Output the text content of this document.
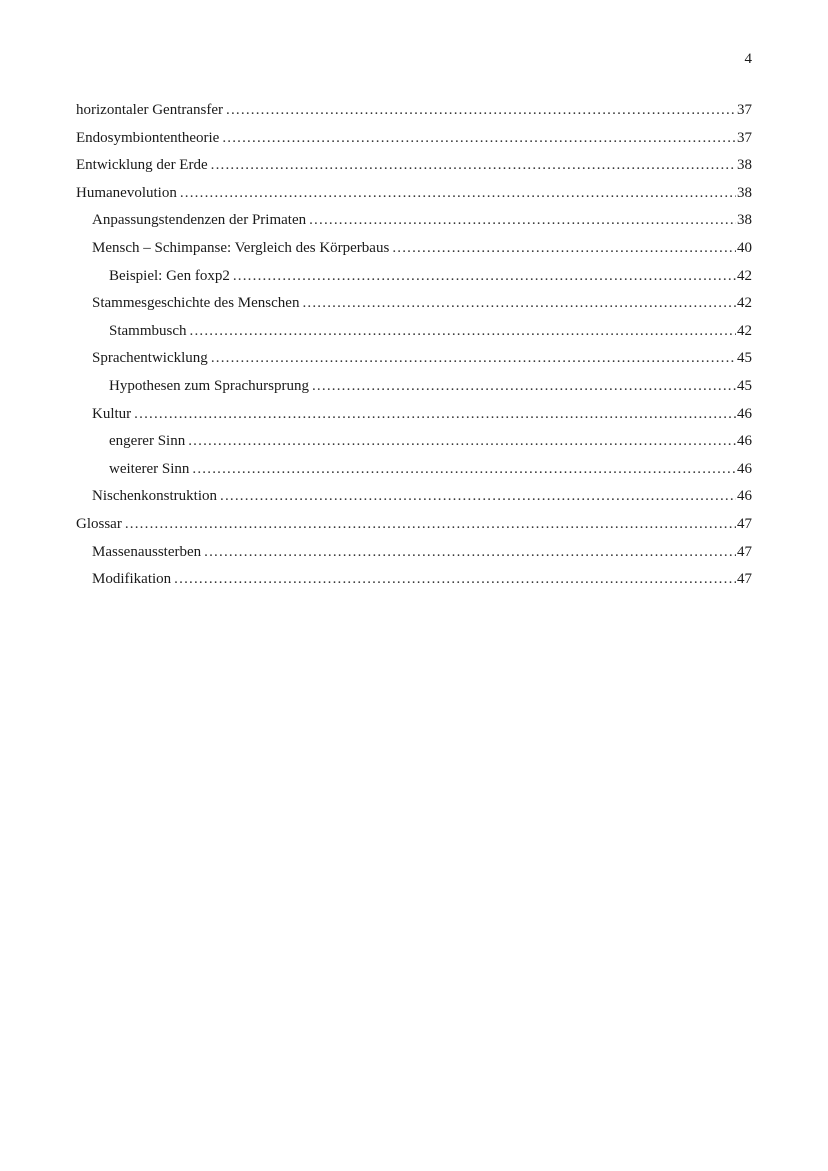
4
horizontaler Gentransfer .....	37
Endosymbiontentheorie .....	37
Entwicklung der Erde .....	38
Humanevolution .....	38
Anpassungstendenzen der Primaten .....	38
Mensch – Schimpanse: Vergleich des Körperbaus .....	40
Beispiel: Gen foxp2 .....	42
Stammesgeschichte des Menschen .....	42
Stammbusch .....	42
Sprachentwicklung .....	45
Hypothesen zum Sprachursprung .....	45
Kultur .....	46
engerer Sinn .....	46
weiterer Sinn .....	46
Nischenkonstruktion .....	46
Glossar .....	47
Massenaussterben .....	47
Modifikation .....	47
